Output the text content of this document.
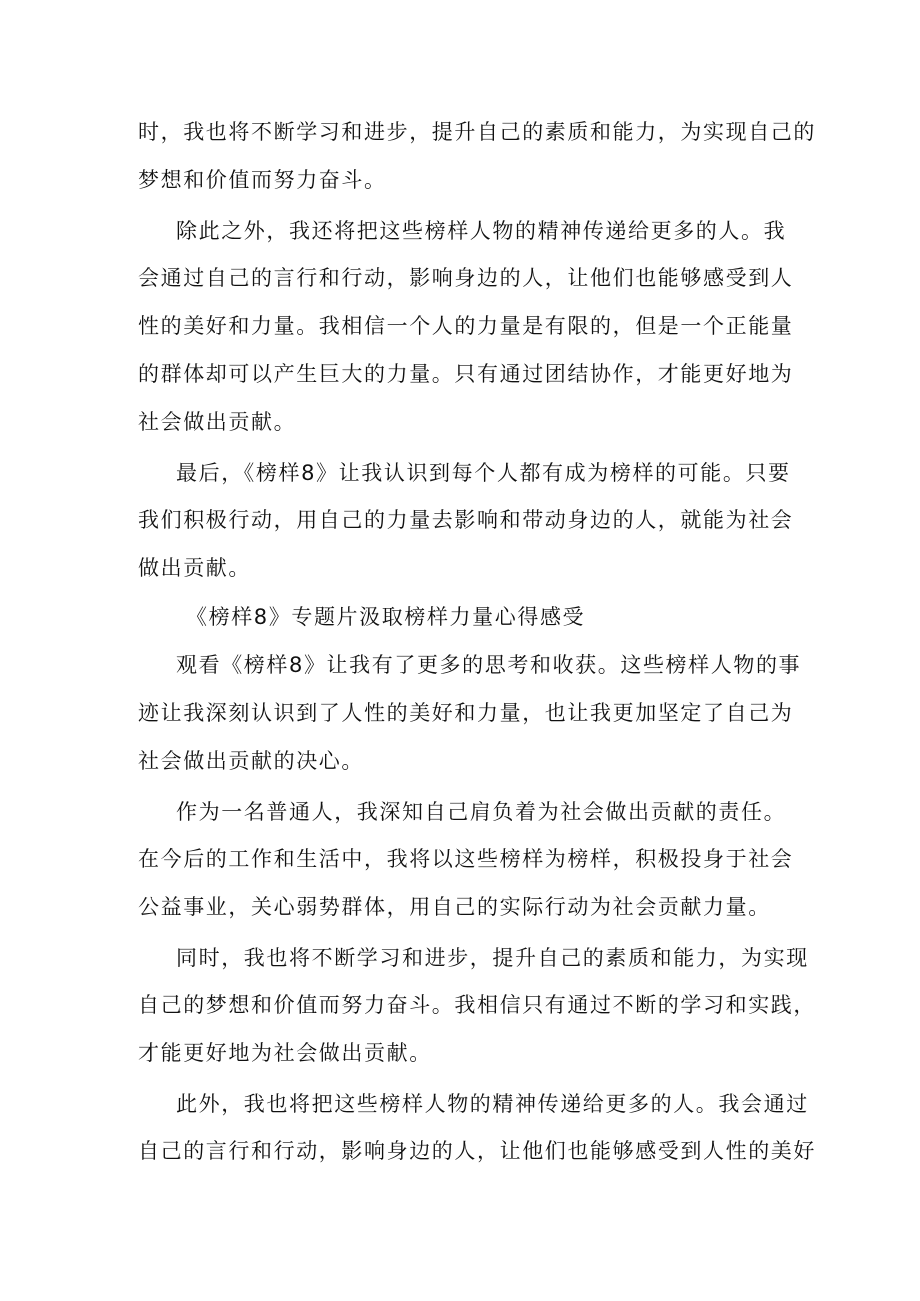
时，我也将不断学习和进步，提升自己的素质和能力，为实现自己的
梦想和价值而努力奋斗。
除此之外，我还将把这些榜样人物的精神传递给更多的人。我
会通过自己的言行和行动，影响身边的人，让他们也能够感受到人
性的美好和力量。我相信一个人的力量是有限的，但是一个正能量
的群体却可以产生巨大的力量。只有通过团结协作，才能更好地为
社会做出贡献。
最后，《榜样8》让我认识到每个人都有成为榜样的可能。只要
我们积极行动，用自己的力量去影响和带动身边的人，就能为社会
做出贡献。
《榜样8》专题片汲取榜样力量心得感受
观看《榜样8》让我有了更多的思考和收获。这些榜样人物的事
迹让我深刻认识到了人性的美好和力量，也让我更加坚定了自己为
社会做出贡献的决心。
作为一名普通人，我深知自己肩负着为社会做出贡献的责任。
在今后的工作和生活中，我将以这些榜样为榜样，积极投身于社会
公益事业，关心弱势群体，用自己的实际行动为社会贡献力量。
同时，我也将不断学习和进步，提升自己的素质和能力，为实现
自己的梦想和价值而努力奋斗。我相信只有通过不断的学习和实践，
才能更好地为社会做出贡献。
此外，我也将把这些榜样人物的精神传递给更多的人。我会通过
自己的言行和行动，影响身边的人，让他们也能够感受到人性的美好
